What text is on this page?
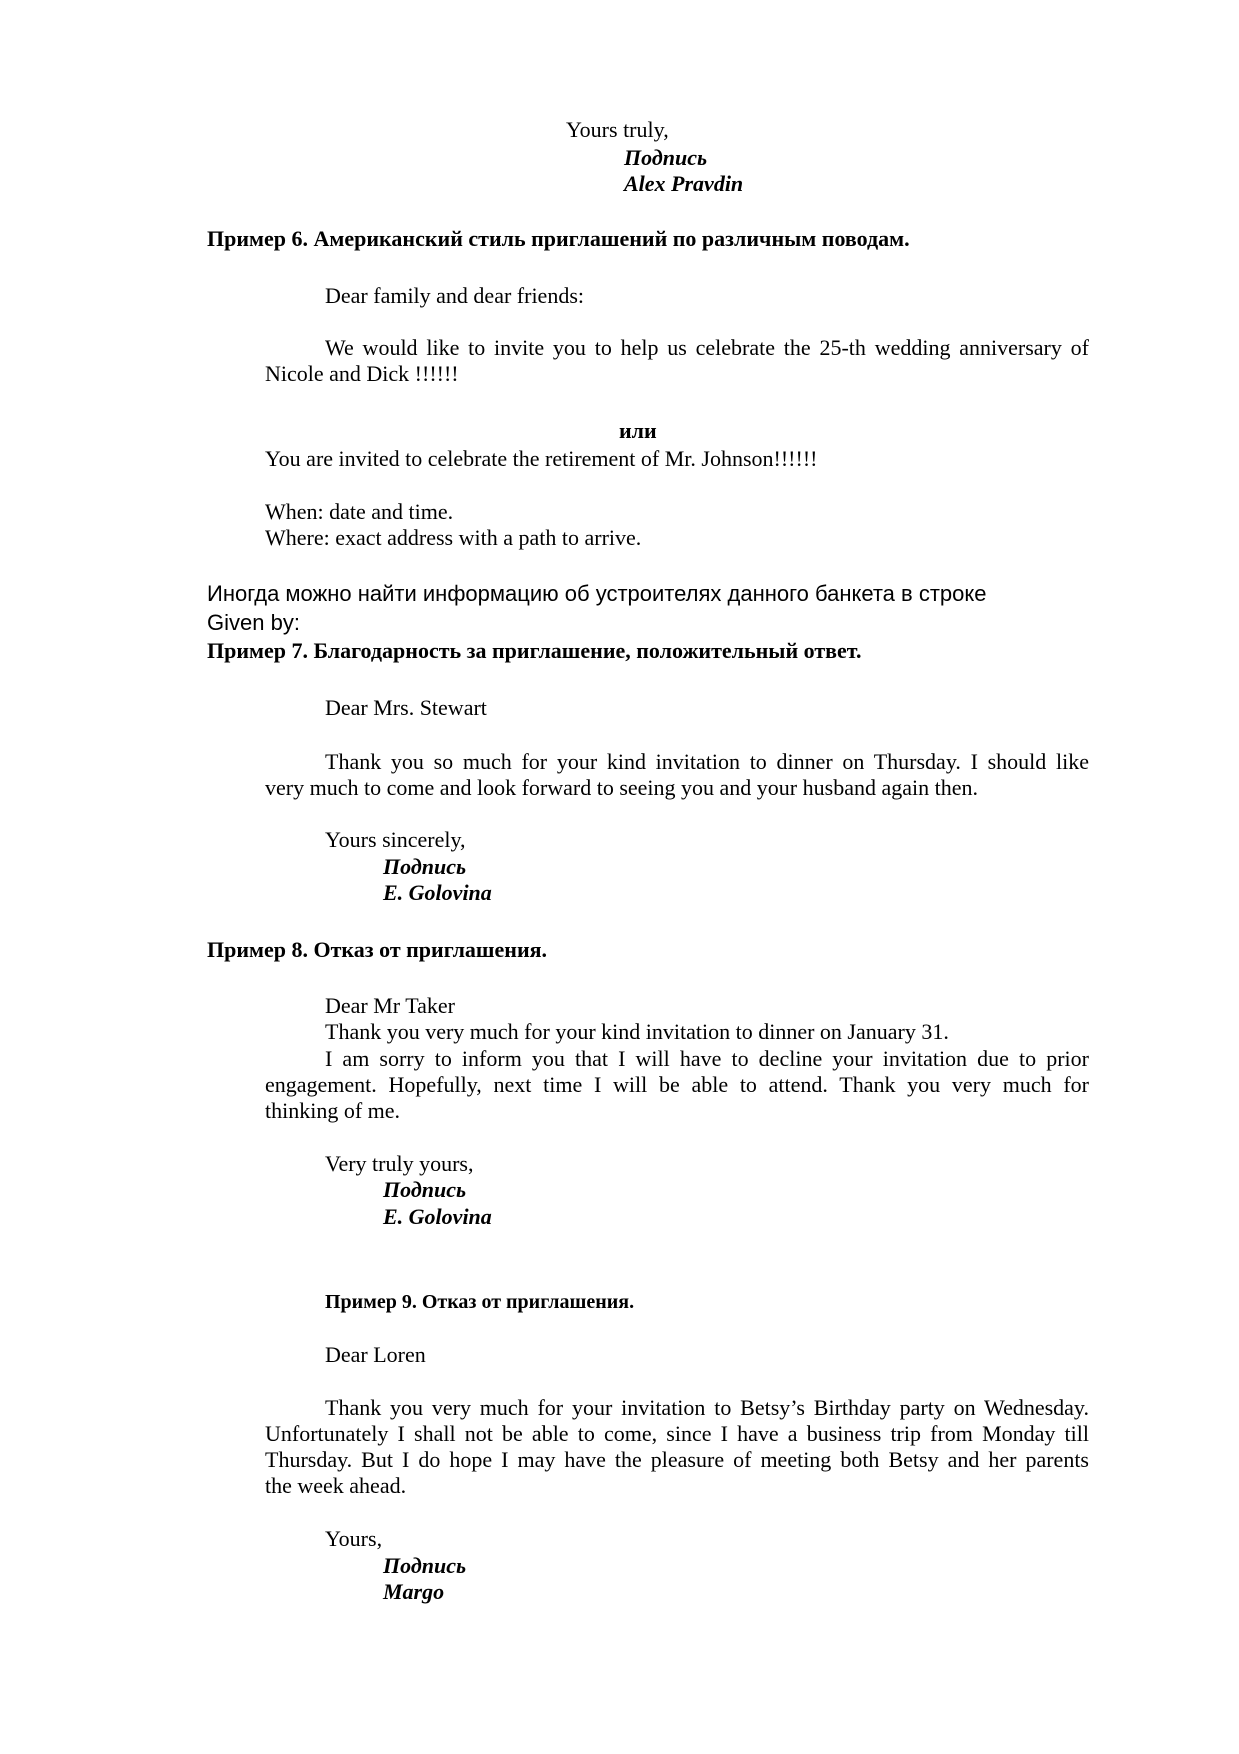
Yours truly,
Подпись
Alex Pravdin
Пример 6. Американский стиль приглашений по различным поводам.
Dear family and dear friends:
We would like to invite you to help us celebrate the 25-th wedding anniversary of
Nicole and Dick !!!!!!
или
You are invited to celebrate the retirement of Mr. Johnson!!!!!!
When: date and time.
Where: exact address with a path to arrive.
Иногда можно найти информацию об устроителях данного банкета в строке
Given by:
Пример 7. Благодарность за приглашение, положительный ответ.
Dear Mrs. Stewart
Thank you so much for your kind invitation to dinner on Thursday. I should like
very much to come and look forward to seeing you and your husband again then.
Yours sincerely,
Подпись
E. Golovina
Пример 8. Отказ от приглашения.
Dear Mr Taker
Thank you very much for your kind invitation to dinner on January 31.
I am sorry to inform you that I will have to decline your invitation due to prior
engagement. Hopefully, next time I will be able to attend. Thank you very much for
thinking of me.
Very truly yours,
Подпись
E. Golovina
Пример 9. Отказ от приглашения.
Dear Loren
Thank you very much for your invitation to Betsy’s Birthday party on Wednesday.
Unfortunately I shall not be able to come, since I have a business trip from Monday till
Thursday. But I do hope I may have the pleasure of meeting both Betsy and her parents
the week ahead.
Yours,
Подпись
Margo
